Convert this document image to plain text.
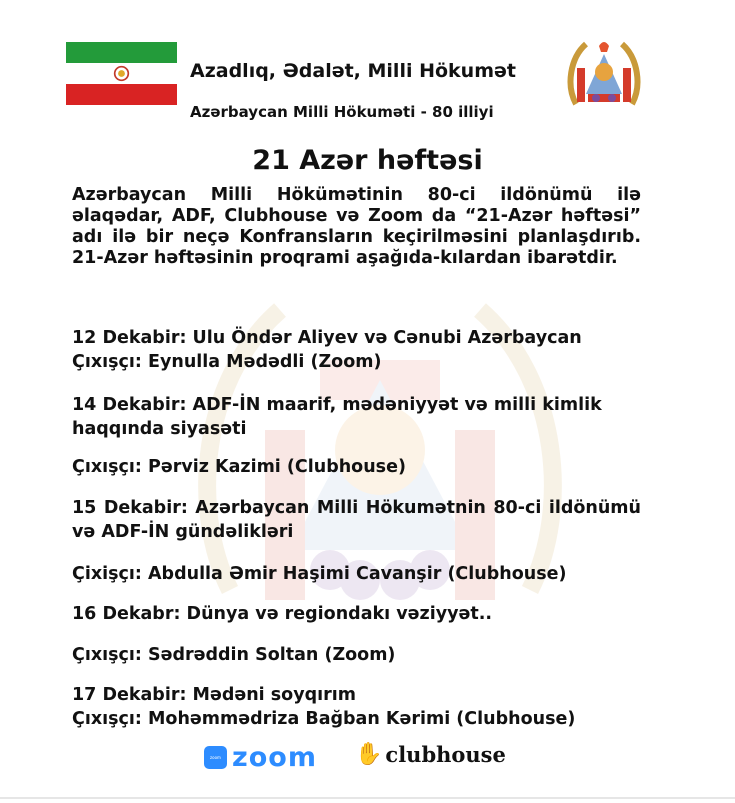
Azadlıq, Ədalət, Milli Hökumət
Azərbaycan Milli Hökuməti - 80 illiyi
21 Azər həftəsi
Azərbaycan Milli Hökümətinin 80-ci ildönümü ilə əlaqədar, ADF, Clubhouse və Zoom da “21-Azər həftəsi” adı ilə bir neçə Konfransların keçirilməsini planlaşdırıb. 21-Azər həftəsinin proqrami aşağıda-kılardan ibarətdir.
12 Dekabir: Ulu Öndər Aliyev və Cənubi Azərbaycan
Çıxışçı: Eynulla Mədədli (Zoom)
14 Dekabir: ADF-İN maarif, mədəniyyət və milli kimlik
haqqında siyasəti
Çıxışçı: Pərviz Kazimi (Clubhouse)
15 Dekabir: Azərbaycan Milli Hökumətnin 80-ci ildönümü və ADF-İN gündəlikləri
Çixişçı: Abdulla Əmir Haşimi Cavanşir (Clubhouse)
16 Dekabr: Dünya və regiondakı vəziyyət..
Çıxışçı: Sədrəddin Soltan (Zoom)
17 Dekabir: Mədəni soyqırım
Çıxışçı: Mohəmmədriza Bağban Kərimi (Clubhouse)
zoom zoom ✋ clubhouse
